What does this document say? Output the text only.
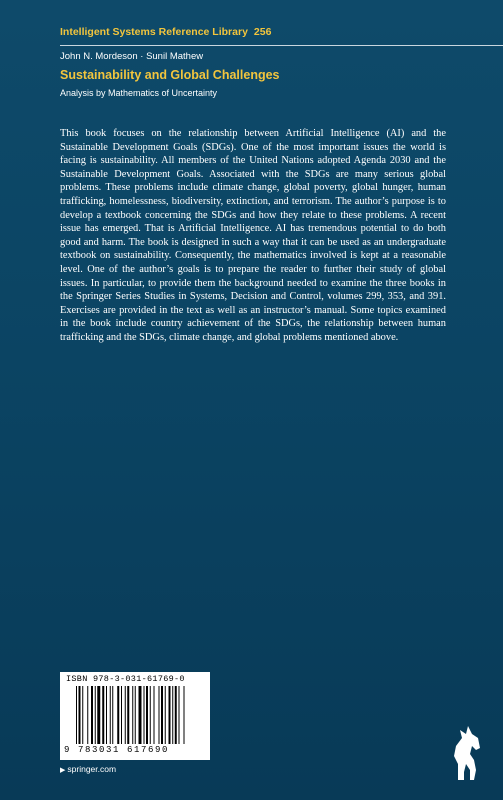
Intelligent Systems Reference Library 256
John N. Mordeson · Sunil Mathew
Sustainability and Global Challenges
Analysis by Mathematics of Uncertainty

This book focuses on the relationship between Artificial Intelligence (AI) and the Sustainable Development Goals (SDGs). One of the most important issues the world is facing is sustainability. All members of the United Nations adopted Agenda 2030 and the Sustainable Development Goals. Associated with the SDGs are many serious global problems. These problems include climate change, global poverty, global hunger, human trafficking, homelessness, biodiversity, extinction, and terrorism. The author’s purpose is to develop a textbook concerning the SDGs and how they relate to these problems. A recent issue has emerged. That is Artificial Intelligence. AI has tremendous potential to do both good and harm. The book is designed in such a way that it can be used as an undergraduate textbook on sustainability. Consequently, the mathematics involved is kept at a reasonable level. One of the author’s goals is to prepare the reader to further their study of global issues. In particular, to provide them the background needed to examine the three books in the Springer Series Studies in Systems, Decision and Control, volumes 299, 353, and 391. Exercises are provided in the text as well as an instructor’s manual. Some topics examined in the book include country achievement of the SDGs, the relationship between human trafficking and the SDGs, climate change, and global problems mentioned above.

ISBN 978-3-031-61769-0
9 783031 617690
▶ springer.com
